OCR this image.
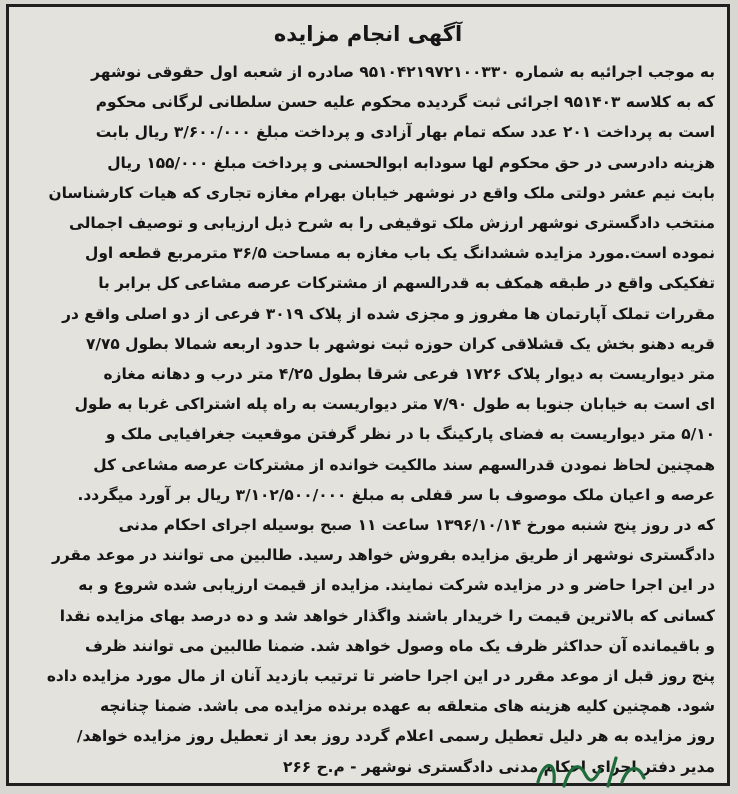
آگهی انجام مزایده
به موجب اجرائیه به شماره ۹۵۱۰۴۲۱۹۷۲۱۰۰۳۳۰ صادره از شعبه اول حقوقی نوشهر
که به کلاسه ۹۵۱۴۰۳ اجرائی ثبت گردیده محکوم علیه حسن سلطانی لرگانی محکوم
است به پرداخت ۲۰۱ عدد سکه تمام بهار آزادی و پرداخت مبلغ ۳/۶۰۰/۰۰۰ ریال بابت
هزینه دادرسی در حق محکوم لها سودابه ابوالحسنی و پرداخت مبلغ ۱۵۵/۰۰۰ ریال
بابت نیم عشر دولتی ملک واقع در نوشهر خیابان بهرام مغازه تجاری که هیات کارشناسان
منتخب دادگستری نوشهر ارزش ملک توقیفی را به شرح ذیل ارزیابی و توصیف اجمالی
نموده است.مورد مزایده ششدانگ یک باب مغازه به مساحت ۳۶/۵ مترمربع قطعه اول
تفکیکی واقع در طبقه همکف به قدرالسهم از مشترکات عرصه مشاعی کل برابر با
مقررات تملک آپارتمان ها مفروز و مجزی شده از پلاک ۳۰۱۹ فرعی از دو اصلی واقع در
قریه دهنو بخش یک قشلاقی کران حوزه ثبت نوشهر با حدود اربعه شمالا بطول ۷/۷۵
متر دیواریست به دیوار پلاک ۱۷۲۶ فرعی شرقا بطول ۴/۲۵ متر درب و دهانه مغازه
ای است به خیابان جنوبا به طول ۷/۹۰ متر دیواریست به راه پله اشتراکی غربا به طول
۵/۱۰ متر دیواریست به فضای پارکینگ با در نظر گرفتن موقعیت جغرافیایی ملک و
همچنین لحاظ نمودن قدرالسهم سند مالکیت خوانده از مشترکات عرصه مشاعی کل
عرصه و اعیان ملک موصوف با سر قفلی به مبلغ ۳/۱۰۲/۵۰۰/۰۰۰ ریال بر آورد میگردد.
که در روز پنج شنبه مورخ ۱۳۹۶/۱۰/۱۴ ساعت ۱۱ صبح بوسیله اجرای احکام مدنی
دادگستری نوشهر از طریق مزایده بفروش خواهد رسید. طالبین می توانند در موعد مقرر
در این اجرا حاضر و در مزایده شرکت نمایند. مزایده از قیمت ارزیابی شده شروع و به
کسانی که بالاترین قیمت را خریدار باشند واگذار خواهد شد و ده درصد بهای مزایده نقدا
و باقیمانده آن حداکثر ظرف یک ماه وصول خواهد شد. ضمنا طالبین می توانند ظرف
پنج روز قبل از موعد مقرر در این اجرا حاضر تا ترتیب بازدید آنان از مال مورد مزایده داده
شود. همچنین کلیه هزینه های متعلقه به عهده برنده مزایده می باشد. ضمنا چنانچه
روز مزایده به هر دلیل تعطیل رسمی اعلام گردد روز بعد از تعطیل روز مزایده خواهد/
مدیر دفتر اجرای احکام مدنی دادگستری نوشهر - م.ح ۲۶۶
